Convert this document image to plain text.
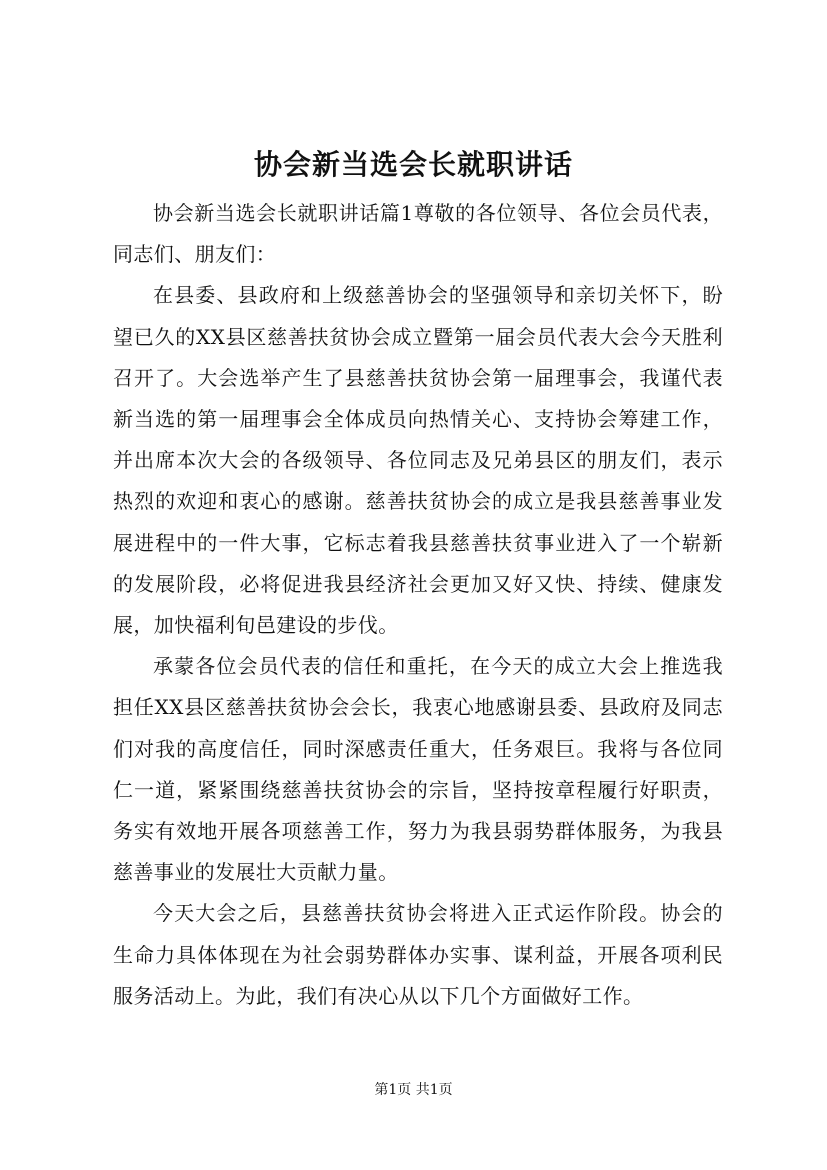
协会新当选会长就职讲话

协会新当选会长就职讲话篇1尊敬的各位领导、各位会员代表，同志们、朋友们：

在县委、县政府和上级慈善协会的坚强领导和亲切关怀下，盼望已久的XX县区慈善扶贫协会成立暨第一届会员代表大会今天胜利召开了。大会选举产生了县慈善扶贫协会第一届理事会，我谨代表新当选的第一届理事会全体成员向热情关心、支持协会筹建工作，并出席本次大会的各级领导、各位同志及兄弟县区的朋友们，表示热烈的欢迎和衷心的感谢。慈善扶贫协会的成立是我县慈善事业发展进程中的一件大事，它标志着我县慈善扶贫事业进入了一个崭新的发展阶段，必将促进我县经济社会更加又好又快、持续、健康发展，加快福利旬邑建设的步伐。

承蒙各位会员代表的信任和重托，在今天的成立大会上推选我担任XX县区慈善扶贫协会会长，我衷心地感谢县委、县政府及同志们对我的高度信任，同时深感责任重大，任务艰巨。我将与各位同仁一道，紧紧围绕慈善扶贫协会的宗旨，坚持按章程履行好职责，务实有效地开展各项慈善工作，努力为我县弱势群体服务，为我县慈善事业的发展壮大贡献力量。

今天大会之后，县慈善扶贫协会将进入正式运作阶段。协会的生命力具体体现在为社会弱势群体办实事、谋利益，开展各项利民服务活动上。为此，我们有决心从以下几个方面做好工作。

第1页 共1页
